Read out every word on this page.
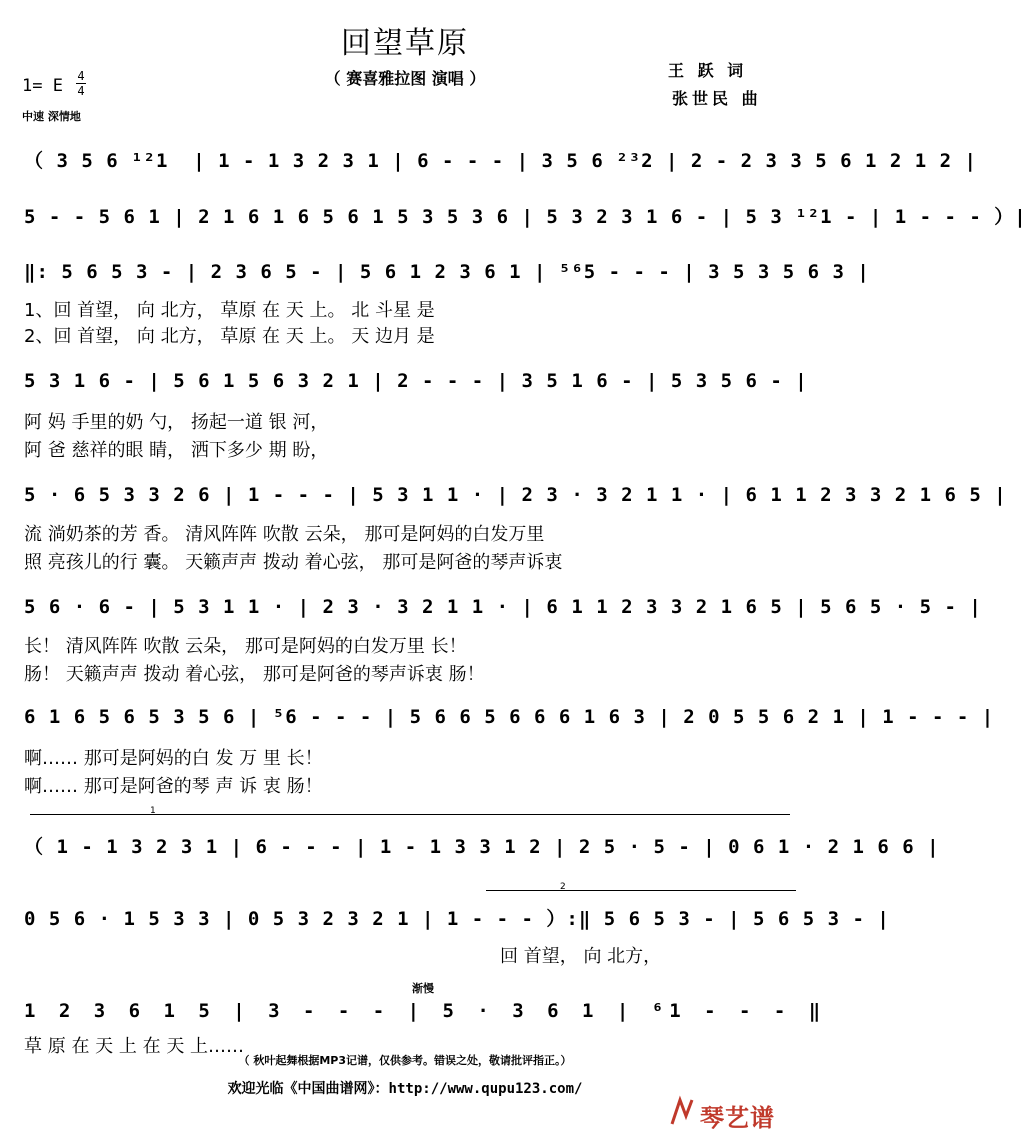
回望草原
（ 赛喜雅拉图 演唱 ）	王 跃 词
张世民 曲
1= E 4
4
中速 深情地
（ 3 5 6 ¹²1  | 1 - 1 3 2 3 1 | 6 - - - | 3 5 6 ²³2 | 2 - 2 3 3 5 6 1 2 1 2 |
5 - - 5 6 1 | 2 1 6 1 6 5 6 1 5 3 5 3 6 | 5 3 2 3 1 6 - | 5 3 ¹²1 - | 1 - - - ）|
‖: 5 6 5 3 - | 2 3 6 5 - | 5 6 1 2 3 6 1 | ⁵⁶5 - - - | 3 5 3 5 6 3 |
1、回 首望， 向 北方， 草原 在 天 上。 北 斗星 是
2、回 首望， 向 北方， 草原 在 天 上。 天 边月 是
5 3 1 6 - | 5 6 1 5 6 3 2 1 | 2 - - - | 3 5 1 6 - | 5 3 5 6 - |
阿 妈 手里的奶 勺， 扬起一道 银 河，
阿 爸 慈祥的眼 睛， 洒下多少 期 盼，
5 · 6 5 3 3 2 6 | 1 - - - | 5 3 1 1 · | 2 3 · 3 2 1 1 · | 6 1 1 2 3 3 2 1 6 5 |
流 淌奶茶的芳 香。 清风阵阵 吹散 云朵， 那可是阿妈的白发万里
照 亮孩儿的行 囊。 天籁声声 拨动 着心弦， 那可是阿爸的琴声诉衷
5 6 · 6 - | 5 3 1 1 · | 2 3 · 3 2 1 1 · | 6 1 1 2 3 3 2 1 6 5 | 5 6 5 · 5 - |
长！ 清风阵阵 吹散 云朵， 那可是阿妈的白发万里 长！
肠！ 天籁声声 拨动 着心弦， 那可是阿爸的琴声诉衷 肠！
6 1 6 5 6 5 3 5 6 | ⁵6 - - - | 5 6 6 5 6 6 6 1 6 3 | 2 0 5 5 6 2 1 | 1 - - - |
啊…… 那可是阿妈的白 发 万 里 长！
啊…… 那可是阿爸的琴 声 诉 衷 肠！
1
（ 1 - 1 3 2 3 1 | 6 - - - | 1 - 1 3 3 1 2 | 2 5 · 5 - | 0 6 1 · 2 1 6 6 |
2
0 5 6 · 1 5 3 3 | 0 5 3 2 3 2 1 | 1 - - - ）:‖ 5 6 5 3 - | 5 6 5 3 - |
回 首望， 向 北方，
渐慢
1 2 3 6 1 5 | 3 - - - | 5 · 3 6 1 | ⁶1 - - - ‖
草 原 在 天 上 在 天 上……
（ 秋叶起舞根据MP3记谱，仅供参考。错误之处，敬请批评指正。）
欢迎光临《中国曲谱网》：http://www.qupu123.com/
琴艺谱
